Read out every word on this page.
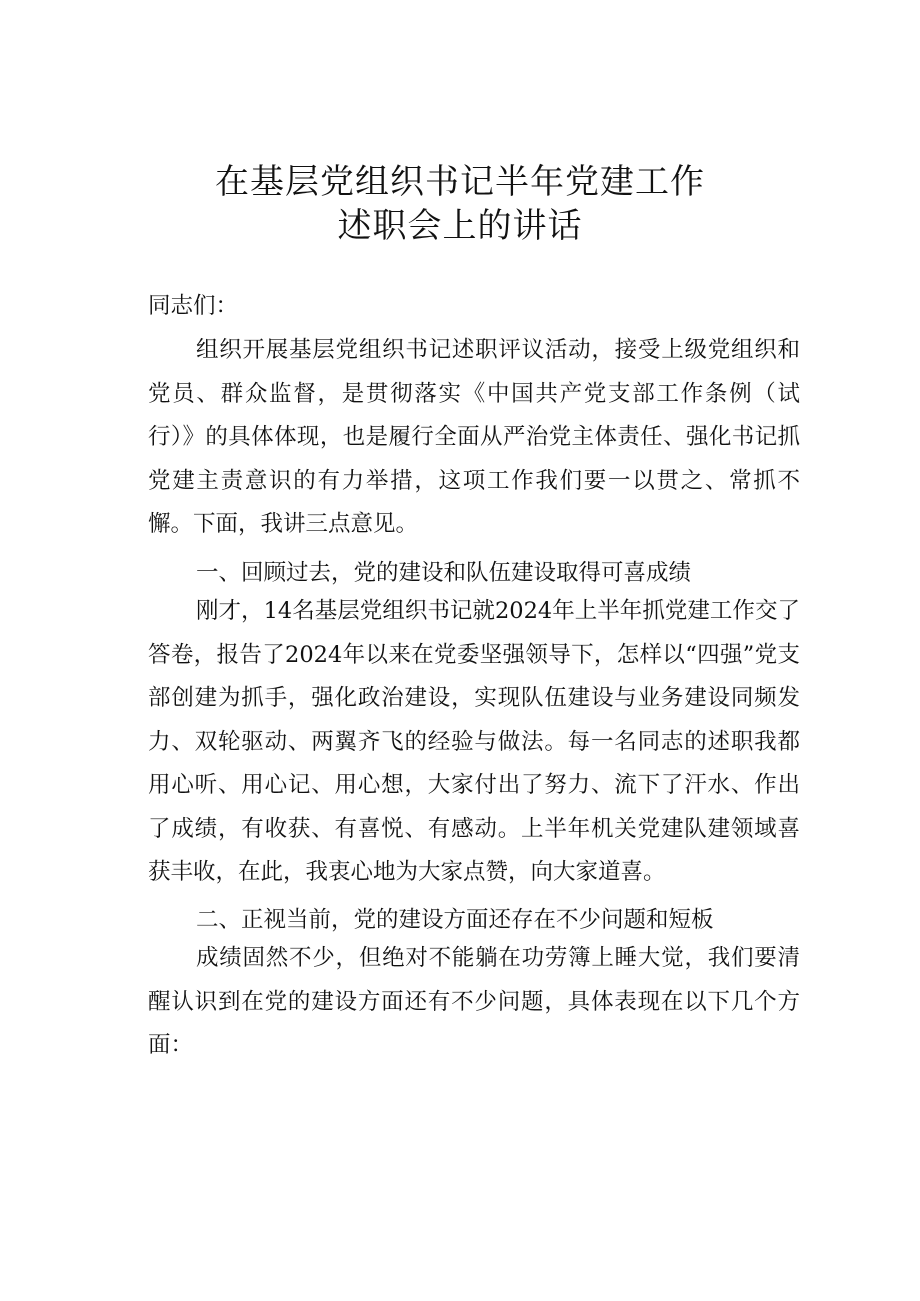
在基层党组织书记半年党建工作
述职会上的讲话
同志们：
组织开展基层党组织书记述职评议活动，接受上级党组织和党员、群众监督，是贯彻落实《中国共产党支部工作条例（试行）》的具体体现，也是履行全面从严治党主体责任、强化书记抓党建主责意识的有力举措，这项工作我们要一以贯之、常抓不懈。下面，我讲三点意见。
一、回顾过去，党的建设和队伍建设取得可喜成绩
刚才，14名基层党组织书记就2024年上半年抓党建工作交了答卷，报告了2024年以来在党委坚强领导下，怎样以“四强”党支部创建为抓手，强化政治建设，实现队伍建设与业务建设同频发力、双轮驱动、两翼齐飞的经验与做法。每一名同志的述职我都用心听、用心记、用心想，大家付出了努力、流下了汗水、作出了成绩，有收获、有喜悦、有感动。上半年机关党建队建领域喜获丰收，在此，我衷心地为大家点赞，向大家道喜。
二、正视当前，党的建设方面还存在不少问题和短板
成绩固然不少，但绝对不能躺在功劳簿上睡大觉，我们要清醒认识到在党的建设方面还有不少问题，具体表现在以下几个方面：
